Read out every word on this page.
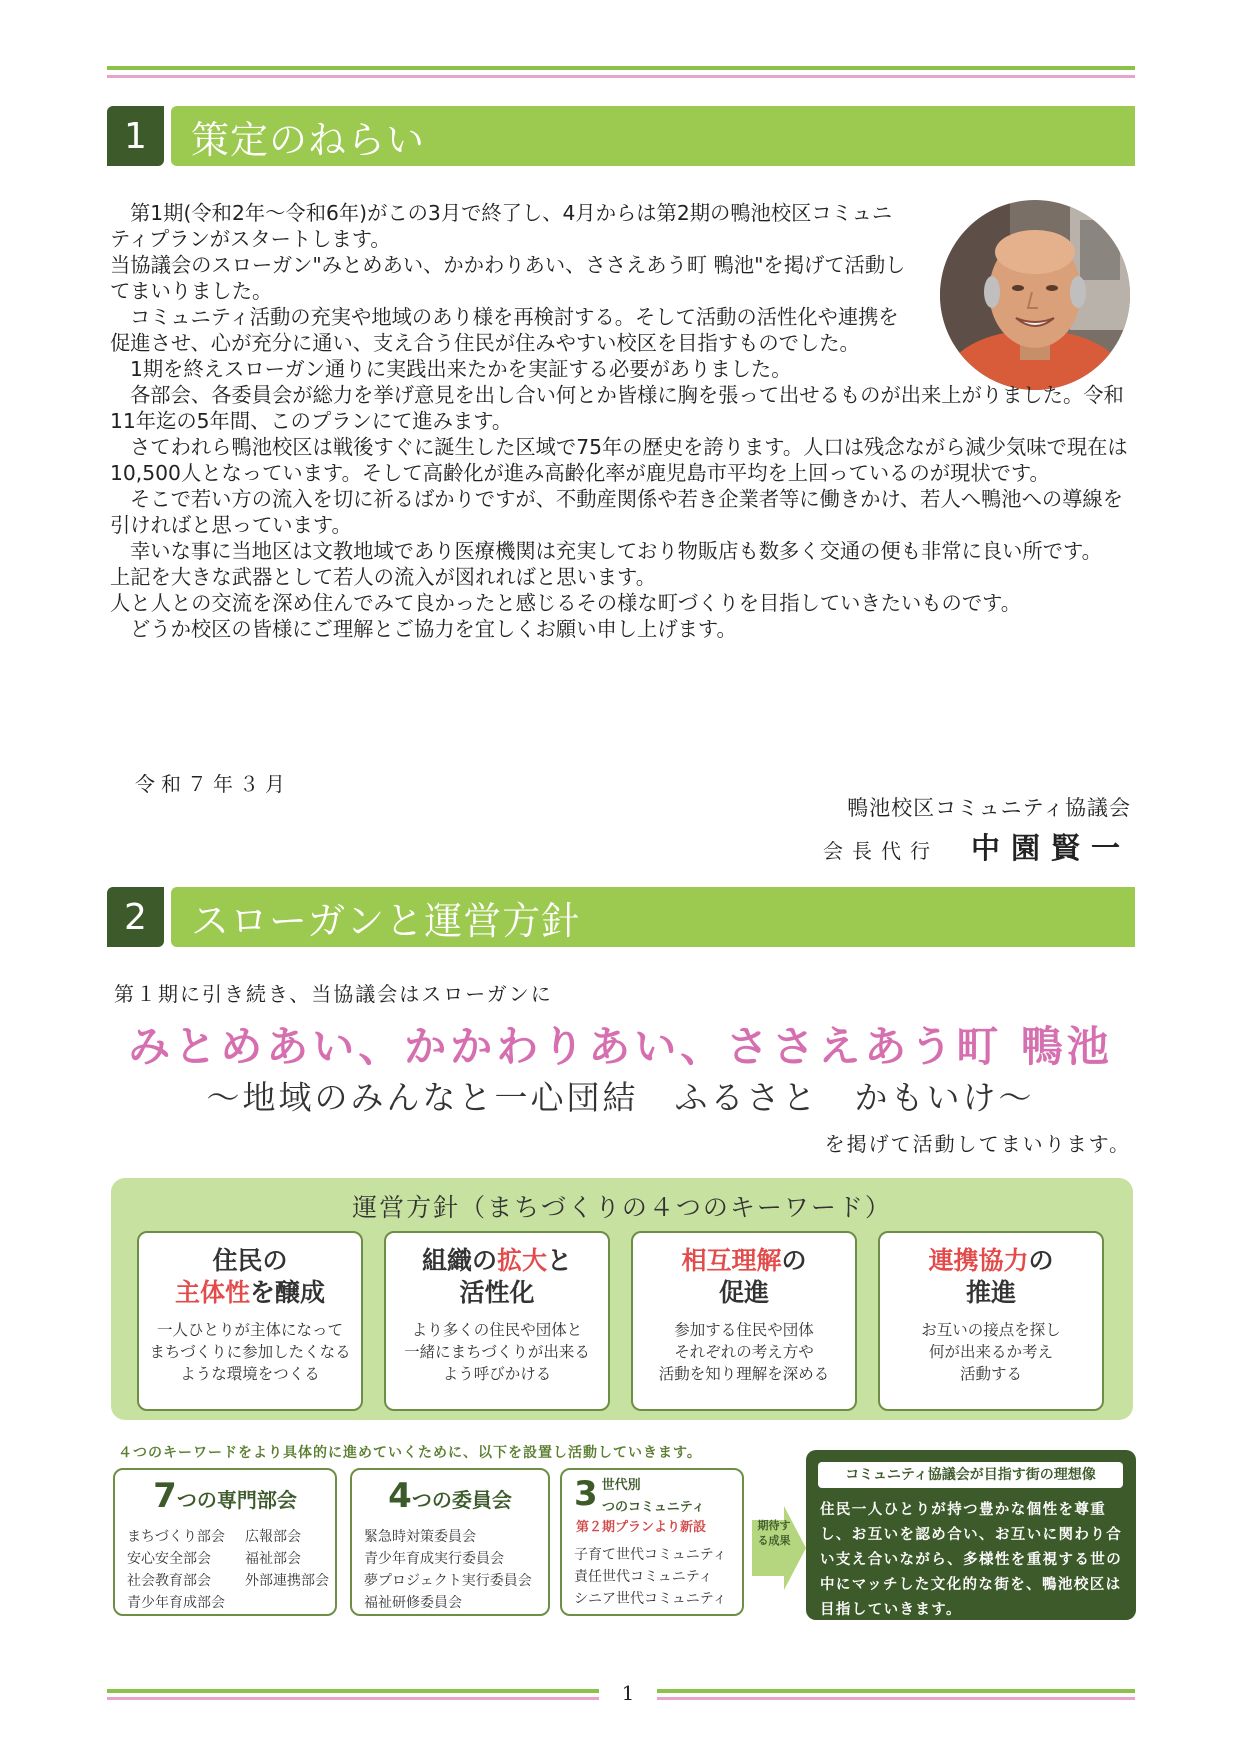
1	策定のねらい

第1期(令和2年～令和6年)がこの3月で終了し、4月からは第2期の鴨池校区コミュニティプランがスタートします。

当協議会のスローガン"みとめあい、かかわりあい、ささえあう町 鴨池"を掲げて活動してまいりました。

コミュニティ活動の充実や地域のあり様を再検討する。そして活動の活性化や連携を促進させ、心が充分に通い、支え合う住民が住みやすい校区を目指すものでした。

1期を終えスローガン通りに実践出来たかを実証する必要がありました。

各部会、各委員会が総力を挙げ意見を出し合い何とか皆様に胸を張って出せるものが出来上がりました。令和11年迄の5年間、このプランにて進みます。

さてわれら鴨池校区は戦後すぐに誕生した区域で75年の歴史を誇ります。人口は残念ながら減少気味で現在は10,500人となっています。そして高齢化が進み高齢化率が鹿児島市平均を上回っているのが現状です。

そこで若い方の流入を切に祈るばかりですが、不動産関係や若き企業者等に働きかけ、若人へ鴨池への導線を引ければと思っています。

幸いな事に当地区は文教地域であり医療機関は充実しており物販店も数多く交通の便も非常に良い所です。

上記を大きな武器として若人の流入が図れればと思います。

人と人との交流を深め住んでみて良かったと感じるその様な町づくりを目指していきたいものです。

どうか校区の皆様にご理解とご協力を宜しくお願い申し上げます。

令和７年３月
鴨池校区コミュニティ協議会
会長代行 中園賢一
2	スローガンと運営方針
第１期に引き続き、当協議会はスローガンに
みとめあい、かかわりあい、ささえあう町 鴨池
～地域のみんなと一心団結　ふるさと　かもいけ～
を掲げて活動してまいります。
運営方針（まちづくりの４つのキーワード）
住民の
主体性を醸成
一人ひとりが主体になって
まちづくりに参加したくなる
ような環境をつくる
組織の拡大と
活性化
より多くの住民や団体と
一緒にまちづくりが出来る
よう呼びかける
相互理解の
促進
参加する住民や団体
それぞれの考え方や
活動を知り理解を深める
連携協力の
推進
お互いの接点を探し
何が出来るか考え
活動する
４つのキーワードをより具体的に進めていくために、以下を設置し活動していきます。
7つの専門部会
まちづくり部会	広報部会
安心安全部会	福祉部会
社会教育部会	外部連携部会
青少年育成部会
4つの委員会
緊急時対策委員会
青少年育成実行委員会
夢プロジェクト実行委員会
福祉研修委員会
3 $^{世代別}$
つのコミュニティ
第２期プランより新設
子育て世代コミュニティ
責任世代コミュニティ
シニア世代コミュニティ
期待する成果
コミュニティ協議会が目指す街の理想像
住民一人ひとりが持つ豊かな個性を尊重し、お互いを認め合い、お互いに関わり合い支え合いながら、多様性を重視する世の中にマッチした文化的な街を、鴨池校区は目指していきます。
1
